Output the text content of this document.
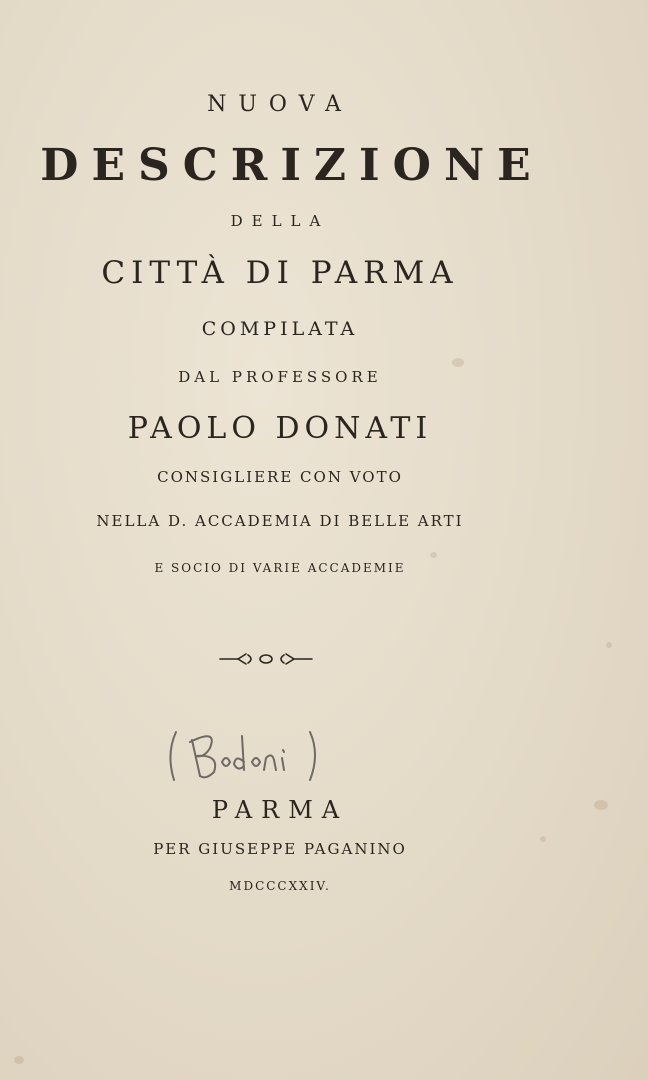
NUOVA
DESCRIZIONE
DELLA
CITTÀ DI PARMA
COMPILATA
DAL PROFESSORE
PAOLO DONATI
CONSIGLIERE CON VOTO
NELLA D. ACCADEMIA DI BELLE ARTI
E SOCIO DI VARIE ACCADEMIE
PARMA
PER GIUSEPPE PAGANINO
MDCCCXXIV.
